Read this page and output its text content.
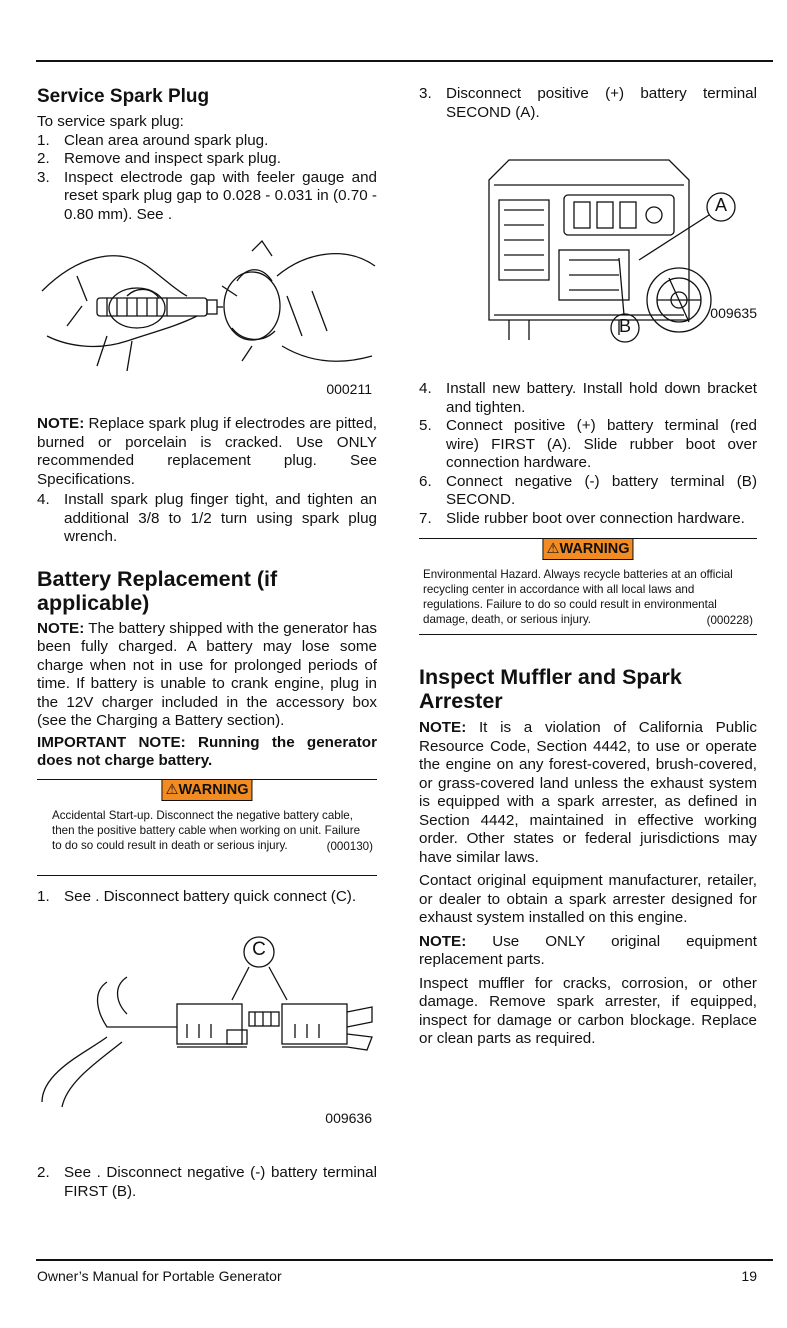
Service Spark Plug

To service spark plug:

1. Clean area around spark plug.
2. Remove and inspect spark plug.
3. Inspect electrode gap with feeler gauge and reset spark plug gap to 0.028 - 0.031 in (0.70 - 0.80 mm). See .
000211

NOTE: Replace spark plug if electrodes are pitted, burned or porcelain is cracked. Use ONLY recommended replacement plug. See Specifications.

4. Install spark plug finger tight, and tighten an additional 3/8 to 1/2 turn using spark plug wrench.
Battery Replacement (if applicable)

NOTE: The battery shipped with the generator has been fully charged. A battery may lose some charge when not in use for prolonged periods of time. If battery is unable to crank engine, plug in the 12V charger included in the accessory box (see the Charging a Battery section).

IMPORTANT NOTE: Running the generator does not charge battery.

⚠WARNING
Accidental Start-up. Disconnect the negative battery cable, then the positive battery cable when working on unit. Failure to do so could result in death or serious injury.	(000130)
1. See . Disconnect battery quick connect (C).
C
009636
2. See . Disconnect negative (-) battery terminal FIRST (B).
3. Disconnect positive (+) battery terminal SECOND (A).
A
B
009635
4. Install new battery. Install hold down bracket and tighten.
5. Connect positive (+) battery terminal (red wire) FIRST (A). Slide rubber boot over connection hardware.
6. Connect negative (-) battery terminal (B) SECOND.
7. Slide rubber boot over connection hardware.
⚠WARNING
Environmental Hazard. Always recycle batteries at an official recycling center in accordance with all local laws and regulations. Failure to do so could result in environmental damage, death, or serious injury.	(000228)
Inspect Muffler and Spark Arrester

NOTE: It is a violation of California Public Resource Code, Section 4442, to use or operate the engine on any forest-covered, brush-covered, or grass-covered land unless the exhaust system is equipped with a spark arrester, as defined in Section 4442, maintained in effective working order. Other states or federal jurisdictions may have similar laws.

Contact original equipment manufacturer, retailer, or dealer to obtain a spark arrester designed for exhaust system installed on this engine.

NOTE: Use ONLY original equipment replacement parts.

Inspect muffler for cracks, corrosion, or other damage. Remove spark arrester, if equipped, inspect for damage or carbon blockage. Replace or clean parts as required.

Owner’s Manual for Portable Generator	19
